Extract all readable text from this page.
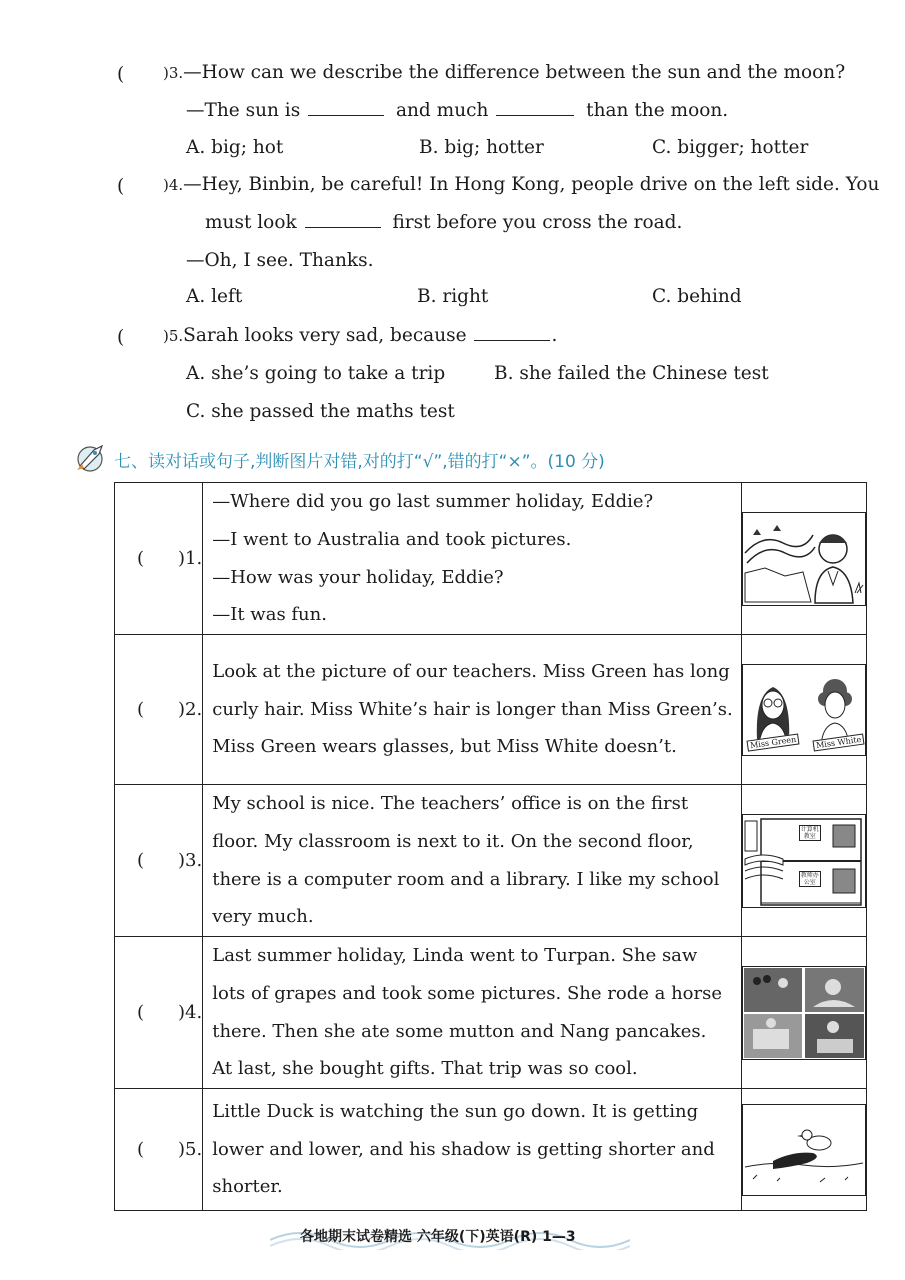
(	)3.—How can we describe the difference between the sun and the moon?
—The sun is	and much	than the moon.
A. big; hot	B. big; hotter	C. bigger; hotter
(	)4.—Hey, Binbin, be careful! In Hong Kong, people drive on the left side. You
must look	first before you cross the road.
—Oh, I see. Thanks.
A. left	B. right	C. behind
(	)5.Sarah looks very sad, because	.
A. she’s going to take a trip	B. she failed the Chinese test
C. she passed the maths test
七、读对话或句子,判断图片对错,对的打“√”,错的打“×”。(10 分)
( )1.	—Where did you go last summer holiday, Eddie?
—I went to Australia and took pictures.
—How was your holiday, Eddie?
—It was fun.

( )2.	Look at the picture of our teachers. Miss Green has long
curly hair. Miss White’s hair is longer than Miss Green’s.
Miss Green wears glasses, but Miss White doesn’t.	Miss Green Miss White

( )3.	My school is nice. The teachers’ office is on the first
floor. My classroom is next to it. On the second floor,
there is a computer room and a library. I like my school
very much.	计算机教室
教师办公室

( )4.	Last summer holiday, Linda went to Turpan. She saw
lots of grapes and took some pictures. She rode a horse
there. Then she ate some mutton and Nang pancakes.
At last, she bought gifts. That trip was so cool.

( )5.	Little Duck is watching the sun go down. It is getting
lower and lower, and his shadow is getting shorter and
shorter.

各地期末试卷精选 六年级(下)英语(R) 1—3
